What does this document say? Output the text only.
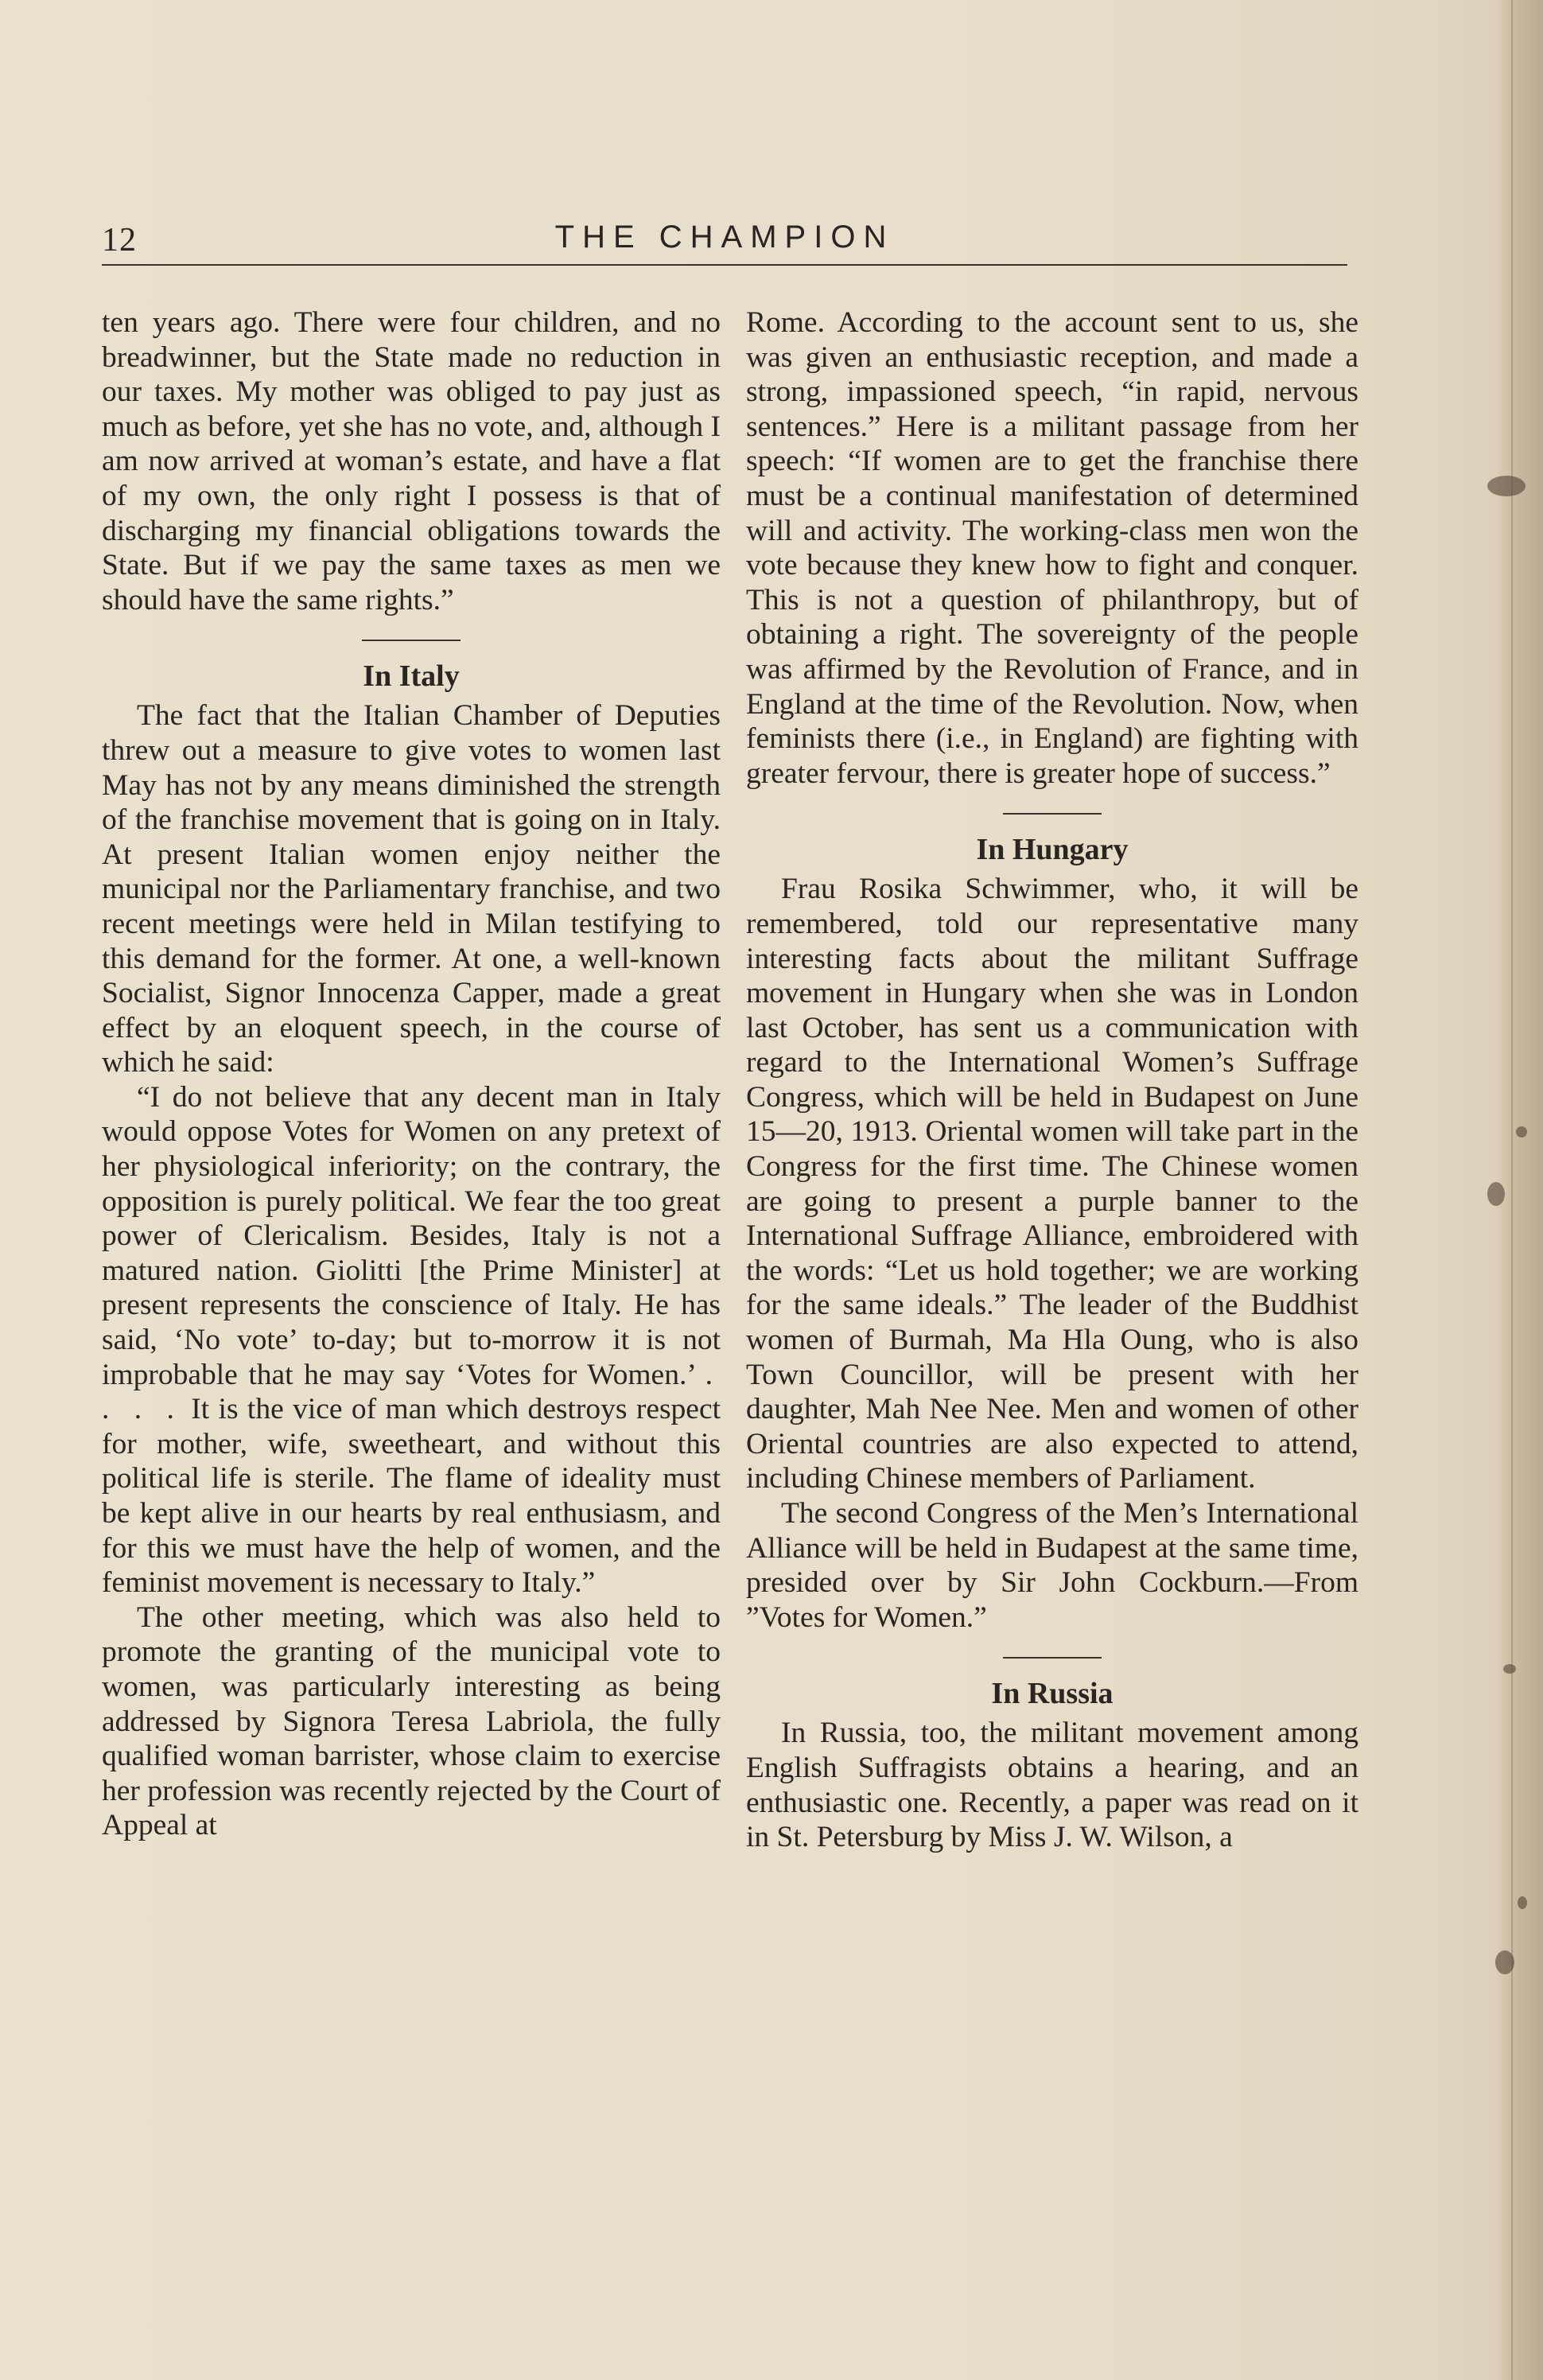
12	THE CHAMPION

ten years ago. There were four children, and no breadwinner, but the State made no reduction in our taxes. My mother was obliged to pay just as much as before, yet she has no vote, and, although I am now arrived at woman’s estate, and have a flat of my own, the only right I possess is that of discharging my financial obligations towards the State. But if we pay the same taxes as men we should have the same rights.”

In Italy

The fact that the Italian Chamber of Deputies threw out a measure to give votes to women last May has not by any means diminished the strength of the franchise movement that is going on in Italy. At present Italian women enjoy neither the municipal nor the Parliamentary franchise, and two recent meetings were held in Milan testifying to this demand for the former. At one, a well-known Socialist, Signor Innocenza Capper, made a great effect by an eloquent speech, in the course of which he said:

“I do not believe that any decent man in Italy would oppose Votes for Women on any pretext of her physiological inferiority; on the contrary, the opposition is purely political. We fear the too great power of Clericalism. Besides, Italy is not a matured nation. Giolitti [the Prime Minister] at present represents the conscience of Italy. He has said, ‘No vote’ to-day; but to-morrow it is not improbable that he may say ‘Votes for Women.’ . . . . It is the vice of man which destroys respect for mother, wife, sweetheart, and without this political life is sterile. The flame of ideality must be kept alive in our hearts by real enthusiasm, and for this we must have the help of women, and the feminist movement is necessary to Italy.”

The other meeting, which was also held to promote the granting of the municipal vote to women, was particularly interesting as being addressed by Signora Teresa Labriola, the fully qualified woman barrister, whose claim to exercise her profession was recently rejected by the Court of Appeal at

Rome. According to the account sent to us, she was given an enthusiastic reception, and made a strong, impassioned speech, “in rapid, nervous sentences.” Here is a militant passage from her speech: “If women are to get the franchise there must be a continual manifestation of determined will and activity. The working-class men won the vote because they knew how to fight and conquer. This is not a question of philanthropy, but of obtaining a right. The sovereignty of the people was affirmed by the Revolution of France, and in England at the time of the Revolution. Now, when feminists there (i.e., in England) are fighting with greater fervour, there is greater hope of success.”

In Hungary

Frau Rosika Schwimmer, who, it will be remembered, told our representative many interesting facts about the militant Suffrage movement in Hungary when she was in London last October, has sent us a communication with regard to the International Women’s Suffrage Congress, which will be held in Budapest on June 15—20, 1913. Oriental women will take part in the Congress for the first time. The Chinese women are going to present a purple banner to the International Suffrage Alliance, embroidered with the words: “Let us hold together; we are working for the same ideals.” The leader of the Buddhist women of Burmah, Ma Hla Oung, who is also Town Councillor, will be present with her daughter, Mah Nee Nee. Men and women of other Oriental countries are also expected to attend, including Chinese members of Parliament.

The second Congress of the Men’s International Alliance will be held in Budapest at the same time, presided over by Sir John Cockburn.—From ”Votes for Women.”

In Russia

In Russia, too, the militant movement among English Suffragists obtains a hearing, and an enthusiastic one. Recently, a paper was read on it in St. Petersburg by Miss J. W. Wilson, a
